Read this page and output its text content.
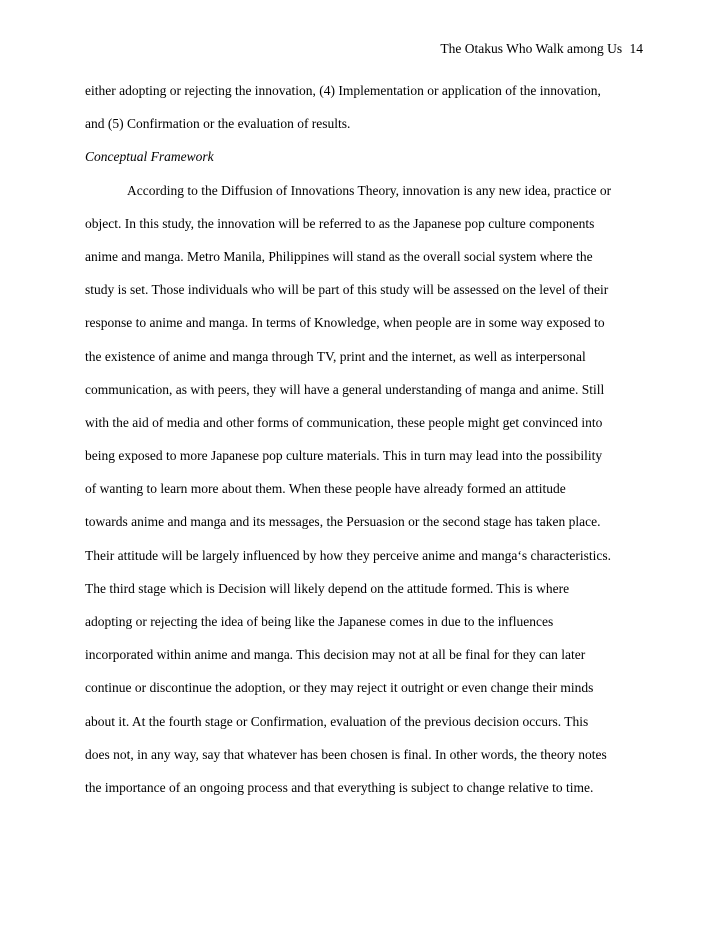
The Otakus Who Walk among Us 14
either adopting or rejecting the innovation, (4) Implementation or application of the innovation,
and (5) Confirmation or the evaluation of results.
Conceptual Framework
According to the Diffusion of Innovations Theory, innovation is any new idea, practice or
object. In this study, the innovation will be referred to as the Japanese pop culture components
anime and manga. Metro Manila, Philippines will stand as the overall social system where the
study is set. Those individuals who will be part of this study will be assessed on the level of their
response to anime and manga. In terms of Knowledge, when people are in some way exposed to
the existence of anime and manga through TV, print and the internet, as well as interpersonal
communication, as with peers, they will have a general understanding of manga and anime. Still
with the aid of media and other forms of communication, these people might get convinced into
being exposed to more Japanese pop culture materials. This in turn may lead into the possibility
of wanting to learn more about them. When these people have already formed an attitude
towards anime and manga and its messages, the Persuasion or the second stage has taken place.
Their attitude will be largely influenced by how they perceive anime and manga‘s characteristics.
The third stage which is Decision will likely depend on the attitude formed. This is where
adopting or rejecting the idea of being like the Japanese comes in due to the influences
incorporated within anime and manga. This decision may not at all be final for they can later
continue or discontinue the adoption, or they may reject it outright or even change their minds
about it. At the fourth stage or Confirmation, evaluation of the previous decision occurs. This
does not, in any way, say that whatever has been chosen is final. In other words, the theory notes
the importance of an ongoing process and that everything is subject to change relative to time.
